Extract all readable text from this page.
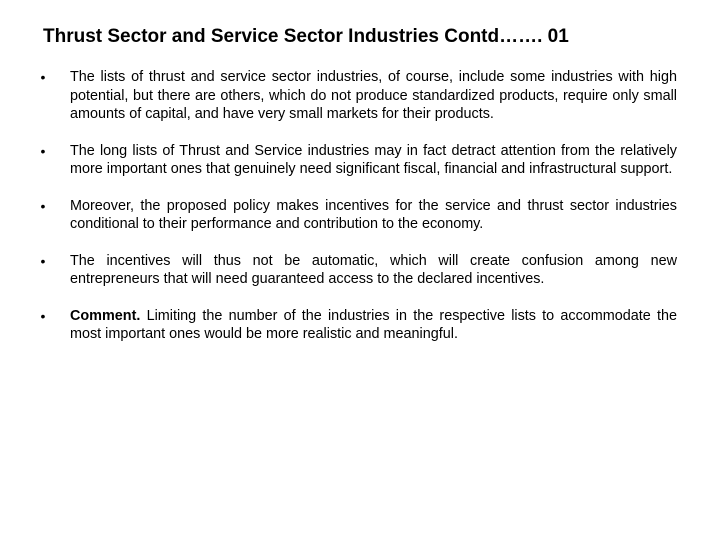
Thrust Sector and Service Sector Industries Contd……. 01
• The lists of thrust and service sector industries, of course, include some industries with high potential, but there are others, which do not produce standardized products, require only small amounts of capital, and have very small markets for their products.
• The long lists of Thrust and Service industries may in fact detract attention from the relatively more important ones that genuinely need significant fiscal, financial and infrastructural support.
• Moreover, the proposed policy makes incentives for the service and thrust sector industries conditional to their performance and contribution to the economy.
• The incentives will thus not be automatic, which will create confusion among new entrepreneurs that will need guaranteed access to the declared incentives.
• Comment. Limiting the number of the industries in the respective lists to accommodate the most important ones would be more realistic and meaningful.
